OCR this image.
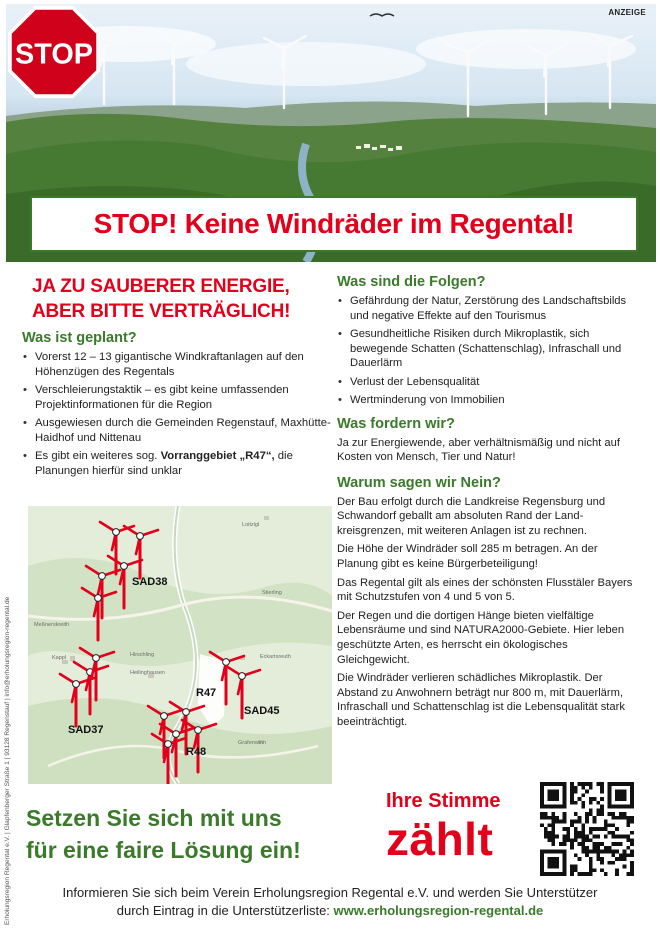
ANZEIGE
STOP
STOP! Keine Windräder im Regental!
JA ZU SAUBERER ENERGIE,
ABER BITTE VERTRÄGLICH!
Was ist geplant?
• Vorerst 12 – 13 gigantische Windkraftanlagen auf den Höhenzügen des Regentals
• Verschleierungstaktik – es gibt keine umfassenden Projektinformationen für die Region
• Ausgewiesen durch die Gemeinden Regenstauf, Maxhütte-Haidhof und Nittenau
• Es gibt ein weiteres sog. Vorranggebiet „R47“, die Planungen hierfür sind unklar
SAD38
SAD37
R47
SAD45
R48
Loitzlgl
Meßnerskreith
Kappl	Hirschling
Heilinghausen
Grafenwinn
Stierling
Eckartsreuth
Was sind die Folgen?
• Gefährdung der Natur, Zerstörung des Landschaftsbilds und negative Effekte auf den Tourismus
• Gesundheitliche Risiken durch Mikroplastik, sich bewegende Schatten (Schattenschlag), Infraschall und Dauerlärm
• Verlust der Lebensqualität
• Wertminderung von Immobilien
Was fordern wir?
Ja zur Energiewende, aber verhältnismäßig und nicht auf Kosten von Mensch, Tier und Natur!
Warum sagen wir Nein?
Der Bau erfolgt durch die Landkreise Regensburg und Schwandorf geballt am absoluten Rand der Landkreisgrenzen, mit weiteren Anlagen ist zu rechnen.
Die Höhe der Windräder soll 285 m betragen. An der Planung gibt es keine Bürgerbeteiligung!
Das Regental gilt als eines der schönsten Flusstäler Bayers mit Schutzstufen von 4 und 5 von 5.
Der Regen und die dortigen Hänge bieten vielfältige Lebensräume und sind NATURA2000-Gebiete. Hier leben geschützte Arten, es herrscht ein ökologisches Gleichgewicht.
Die Windräder verlieren schädliches Mikroplastik. Der Abstand zu Anwohnern beträgt nur 800 m, mit Dauerlärm, Infraschall und Schattenschlag ist die Lebensqualität stark beeinträchtigt.
Setzen Sie sich mit uns
für eine faire Lösung ein!
Ihre Stimme
zählt
Informieren Sie sich beim Verein Erholungsregion Regental e.V. und werden Sie Unterstützer
durch Eintrag in die Unterstützerliste: www.erholungsregion-regental.de
Erholungsregion Regental e.V. | Glapfenberger Straße 1 | 93128 Regenstauf | info@erholungsregion-regental.de
